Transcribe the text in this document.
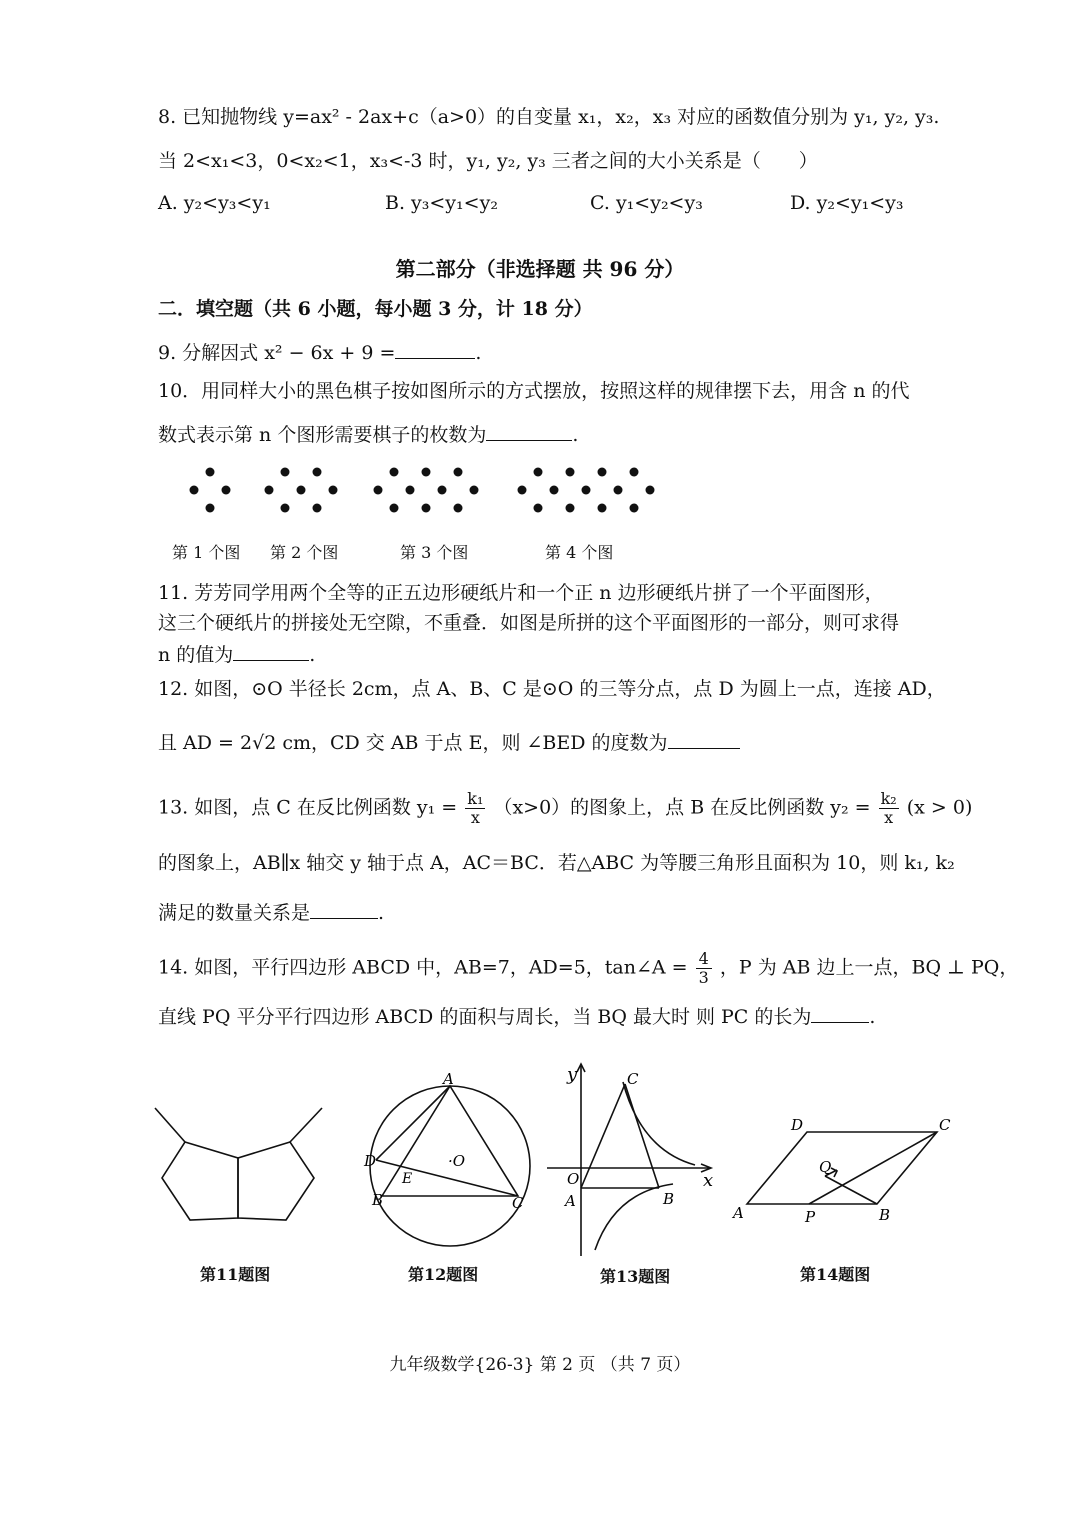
8. 已知抛物线 y=ax² - 2ax+c（a>0）的自变量 x₁，x₂，x₃ 对应的函数值分别为 y₁, y₂, y₃.
当 2<x₁<3，0<x₂<1，x₃<-3 时，y₁, y₂, y₃ 三者之间的大小关系是（　　）
A. y₂<y₃<y₁	B. y₃<y₁<y₂	C. y₁<y₂<y₃	D. y₂<y₁<y₃
第二部分（非选择题 共 96 分）
二．填空题（共 6 小题，每小题 3 分，计 18 分）
9. 分解因式 x² − 6x + 9 =	.
10．用同样大小的黑色棋子按如图所示的方式摆放，按照这样的规律摆下去，用含 n 的代
数式表示第 n 个图形需要棋子的枚数为	.
第 1 个图 第 2 个图	第 3 个图	第 4 个图
11. 芳芳同学用两个全等的正五边形硬纸片和一个正 n 边形硬纸片拼了一个平面图形，
这三个硬纸片的拼接处无空隙，不重叠．如图是所拼的这个平面图形的一部分，则可求得
n 的值为	.
12. 如图，⊙O 半径长 2cm，点 A、B、C 是⊙O 的三等分点，点 D 为圆上一点，连接 AD，
且 AD = 2√2 cm，CD 交 AB 于点 E，则 ∠BED 的度数为
13. 如图，点 C 在反比例函数 $y_1 = \frac{\text{k₁}}{x} (x>0)$的图象上，点 B 在反比例函数 $y_2 = \frac{\text{k₂}}{x} (x > 0)$
的图象上，AB∥x 轴交 y 轴于点 A，AC＝BC．若△ABC 为等腰三角形且面积为 10，则 k₁, k₂
满足的数量关系是	.
14. 如图，平行四边形 ABCD 中，AB=7，AD=5，tan∠A = $\frac{4}{3}$ ，P 为 AB 边上一点，BQ ⊥ PQ，
直线 PQ 平分平行四边形 ABCD 的面积与周长，当 BQ 最大时 则 PC 的长为	.
第11题图
A
D
E
B	C
·O
第12题图
y
x
O
A	B
C
第13题图
A	B
C
D
P
Q
第14题图
九年级数学{26-3} 第 2 页 （共 7 页）
